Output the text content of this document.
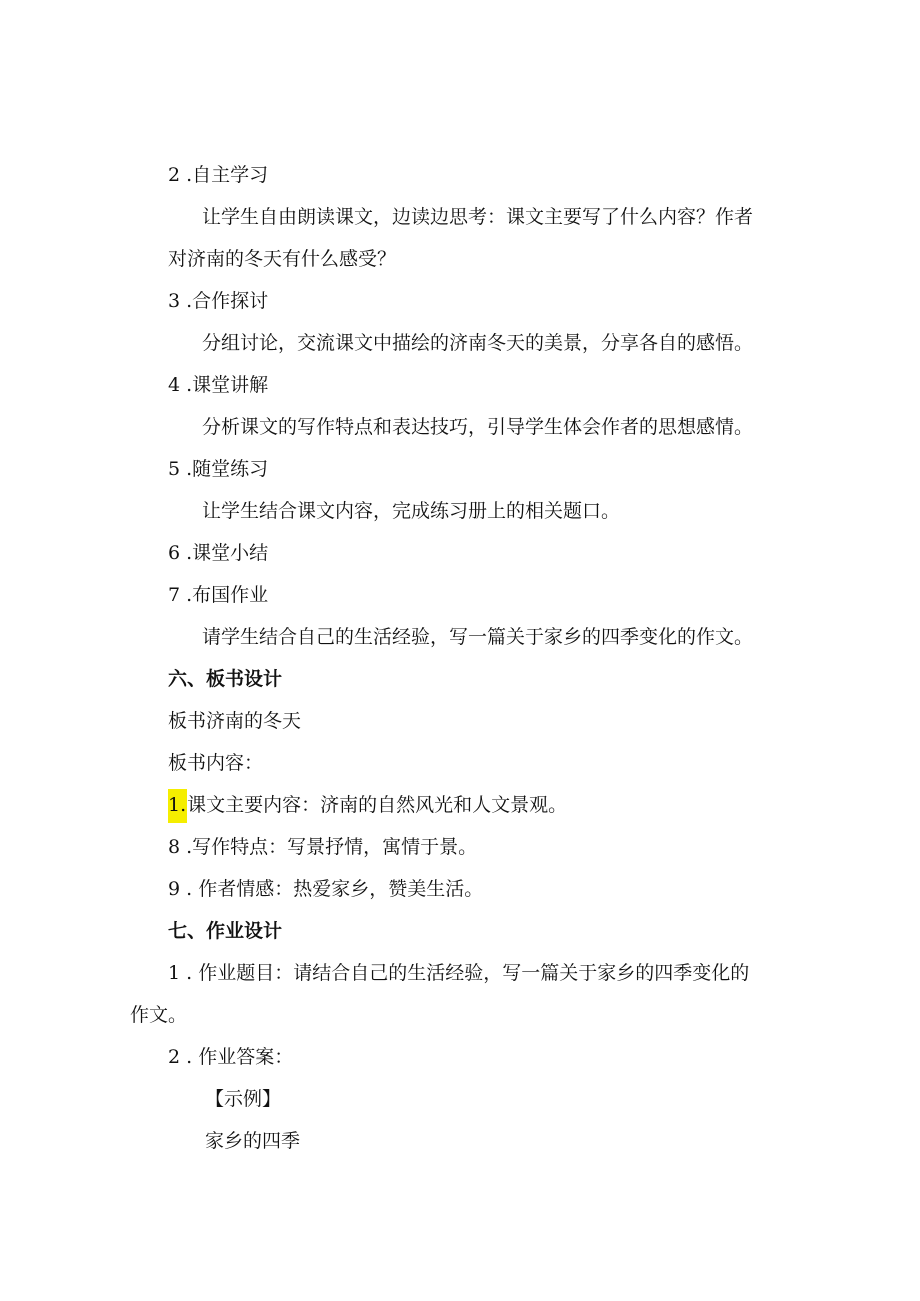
2 .自主学习
让学生自由朗读课文，边读边思考：课文主要写了什么内容？作者
对济南的冬天有什么感受？
3 .合作探讨
分组讨论，交流课文中描绘的济南冬天的美景，分享各自的感悟。
4 .课堂讲解
分析课文的写作特点和表达技巧，引导学生体会作者的思想感情。
5 .随堂练习
让学生结合课文内容，完成练习册上的相关题口。
6 .课堂小结
7 .布国作业
请学生结合自己的生活经验，写一篇关于家乡的四季变化的作文。
六、板书设计
板书济南的冬天
板书内容：
1.课文主要内容：济南的自然风光和人文景观。
8 .写作特点：写景抒情，寓情于景。
9 . 作者情感：热爱家乡，赞美生活。
七、作业设计
1 . 作业题目：请结合自己的生活经验，写一篇关于家乡的四季变化的
作文。
2 . 作业答案：
【示例】
家乡的四季
